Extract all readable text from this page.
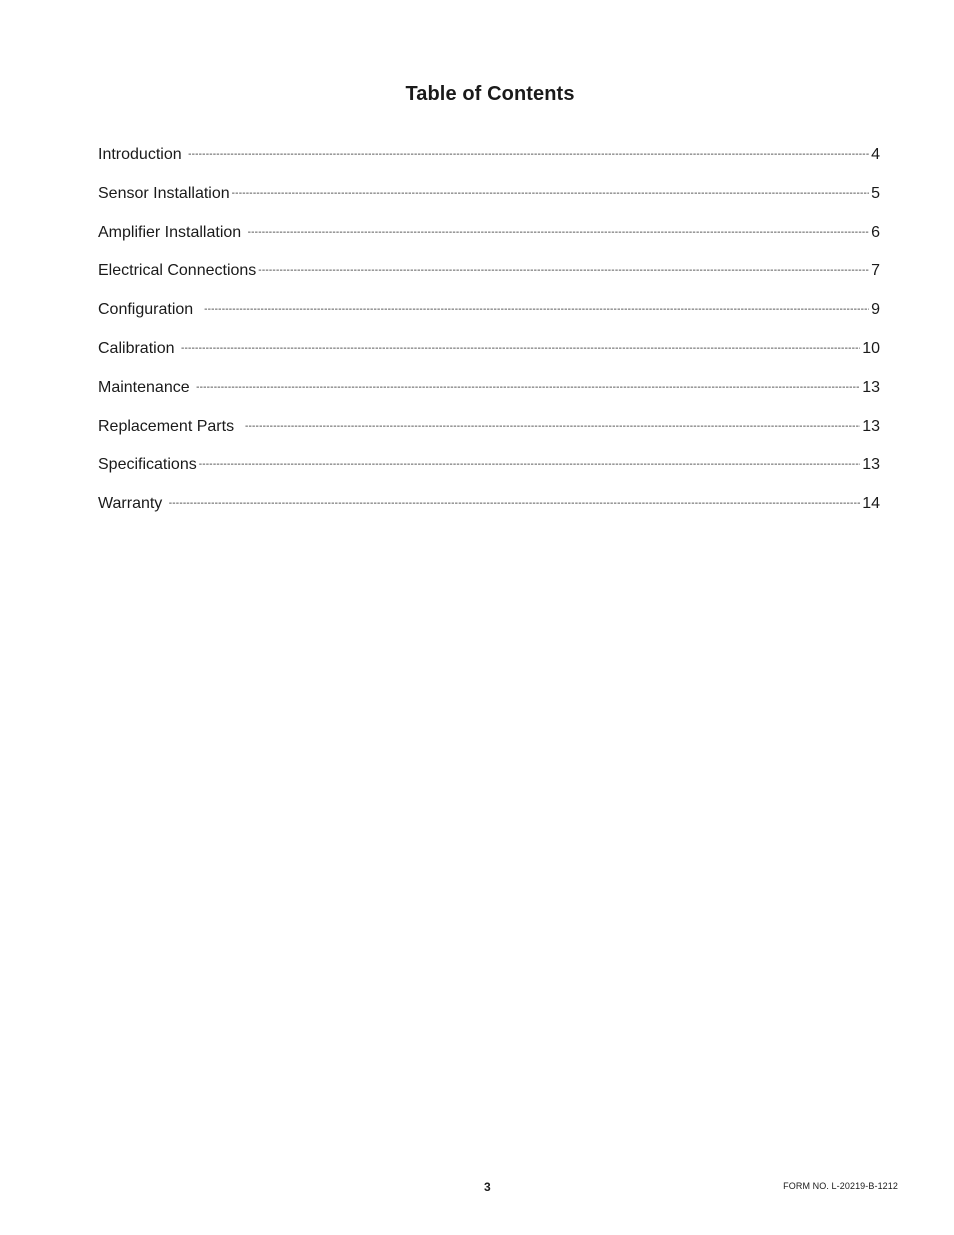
Table of Contents
Introduction -----	4
Sensor Installation -----	5
Amplifier Installation -----	6
Electrical Connections -----	7
Configuration -----	9
Calibration -----	10
Maintenance -----	13
Replacement Parts -----	13
Specifications -----	13
Warranty -----	14
3	FORM NO. L-20219-B-1212
